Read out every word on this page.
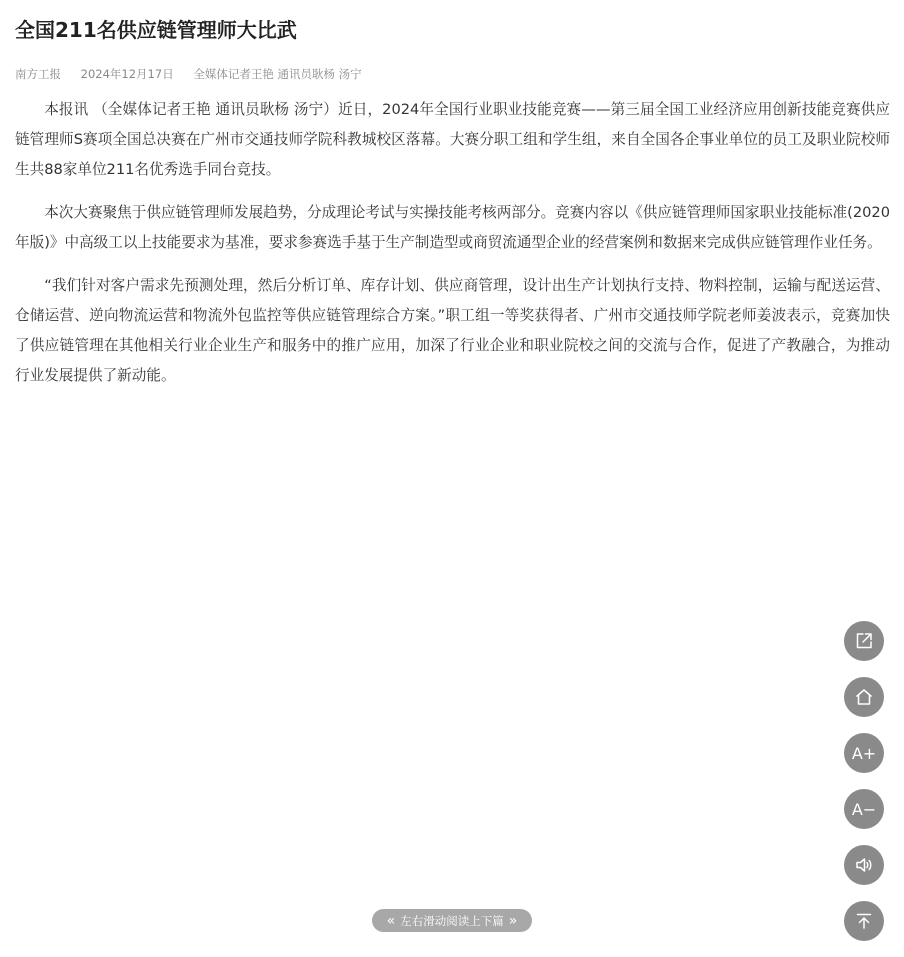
全国211名供应链管理师大比武
南方工报 2024年12月17日 全媒体记者王艳 通讯员耿杨 汤宁

本报讯 （全媒体记者王艳 通讯员耿杨 汤宁）近日，2024年全国行业职业技能竞赛——第三届全国工业经济应用创新技能竞赛供应链管理师S赛项全国总决赛在广州市交通技师学院科教城校区落幕。大赛分职工组和学生组，来自全国各企事业单位的员工及职业院校师生共88家单位211名优秀选手同台竞技。

本次大赛聚焦于供应链管理师发展趋势，分成理论考试与实操技能考核两部分。竞赛内容以《供应链管理师国家职业技能标准(2020年版)》中高级工以上技能要求为基准，要求参赛选手基于生产制造型或商贸流通型企业的经营案例和数据来完成供应链管理作业任务。

“我们针对客户需求先预测处理，然后分析订单、库存计划、供应商管理，设计出生产计划执行支持、物料控制，运输与配送运营、仓储运营、逆向物流运营和物流外包监控等供应链管理综合方案。”职工组一等奖获得者、广州市交通技师学院老师姜波表示，竞赛加快了供应链管理在其他相关行业企业生产和服务中的推广应用，加深了行业企业和职业院校之间的交流与合作，促进了产教融合，为推动行业发展提供了新动能。

A+
A−
« 左右滑动阅读上下篇 »
